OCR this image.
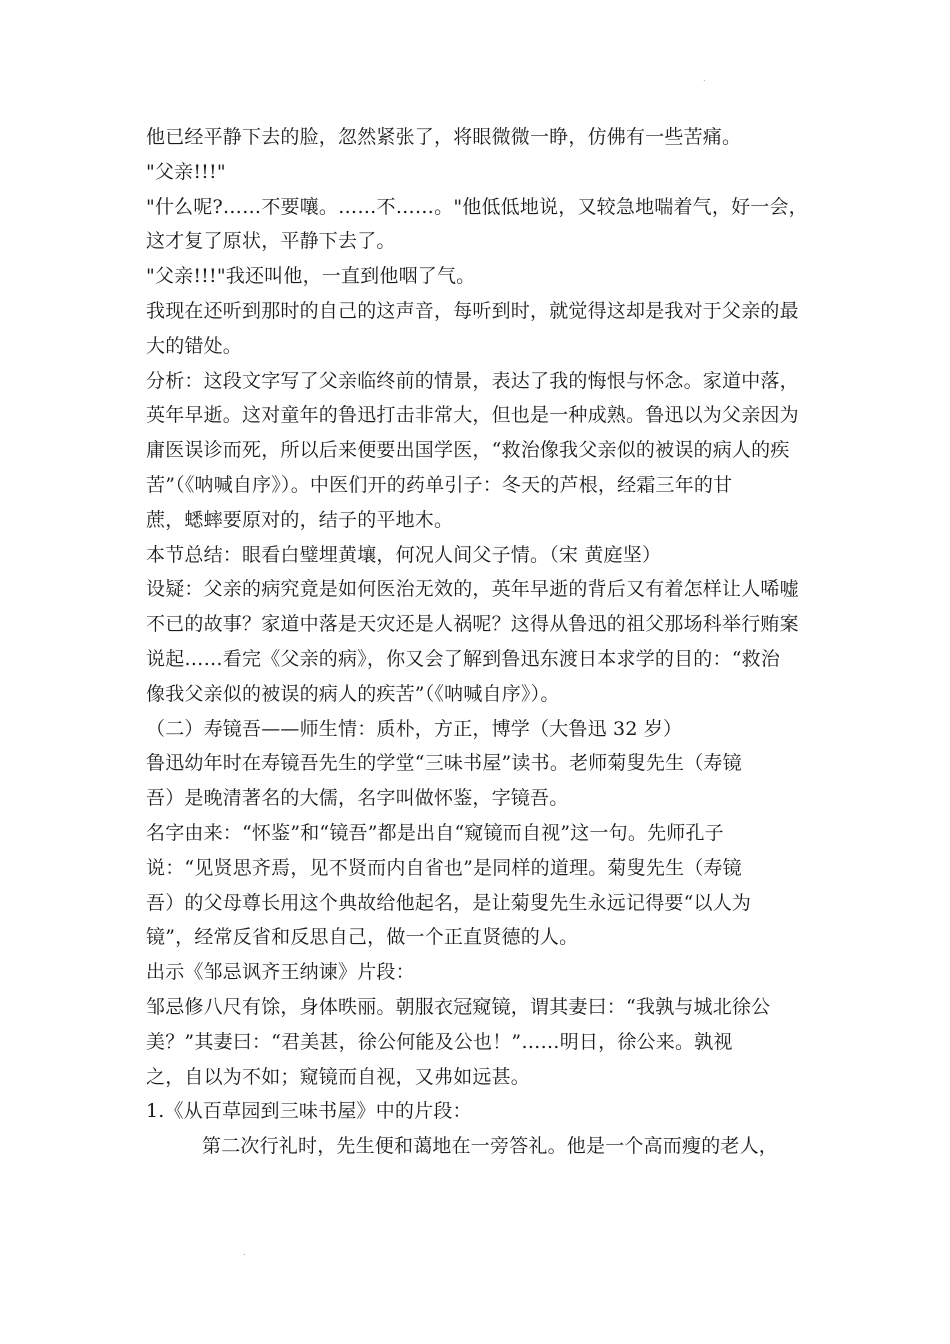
.
他已经平静下去的脸，忽然紧张了，将眼微微一睁，仿佛有一些苦痛。
"父亲!!!"
"什么呢?……不要嚷。……不……。"他低低地说，又较急地喘着气，好一会，
这才复了原状，平静下去了。
"父亲!!!"我还叫他，一直到他咽了气。
我现在还听到那时的自己的这声音，每听到时，就觉得这却是我对于父亲的最
大的错处。
分析：这段文字写了父亲临终前的情景，表达了我的悔恨与怀念。家道中落，
英年早逝。这对童年的鲁迅打击非常大，但也是一种成熟。鲁迅以为父亲因为
庸医误诊而死，所以后来便要出国学医，“救治像我父亲似的被误的病人的疾
苦”（《呐喊自序》）。中医们开的药单引子：冬天的芦根，经霜三年的甘
蔗，蟋蟀要原对的，结子的平地木。
本节总结：眼看白璧埋黄壤，何况人间父子情。（宋 黄庭坚）
设疑：父亲的病究竟是如何医治无效的，英年早逝的背后又有着怎样让人唏嘘
不已的故事？家道中落是天灾还是人祸呢？这得从鲁迅的祖父那场科举行贿案
说起……看完《父亲的病》，你又会了解到鲁迅东渡日本求学的目的：“救治
像我父亲似的被误的病人的疾苦”（《呐喊自序》）。
（二）寿镜吾——师生情：质朴，方正，博学（大鲁迅 32 岁）
鲁迅幼年时在寿镜吾先生的学堂“三味书屋”读书。老师菊叟先生（寿镜
吾）是晚清著名的大儒，名字叫做怀鉴，字镜吾。
名字由来：“怀鉴”和“镜吾”都是出自“窥镜而自视”这一句。先师孔子
说：“见贤思齐焉，见不贤而内自省也”是同样的道理。菊叟先生（寿镜
吾）的父母尊长用这个典故给他起名，是让菊叟先生永远记得要“以人为
镜”，经常反省和反思自己，做一个正直贤德的人。
出示《邹忌讽齐王纳谏》片段：
邹忌修八尺有馀，身体昳丽。朝服衣冠窥镜，谓其妻曰：“我孰与城北徐公
美？”其妻曰：“君美甚，徐公何能及公也！”……明日，徐公来。孰视
之，自以为不如；窥镜而自视，又弗如远甚。
1.《从百草园到三味书屋》中的片段：
第二次行礼时，先生便和蔼地在一旁答礼。他是一个高而瘦的老人，
.
